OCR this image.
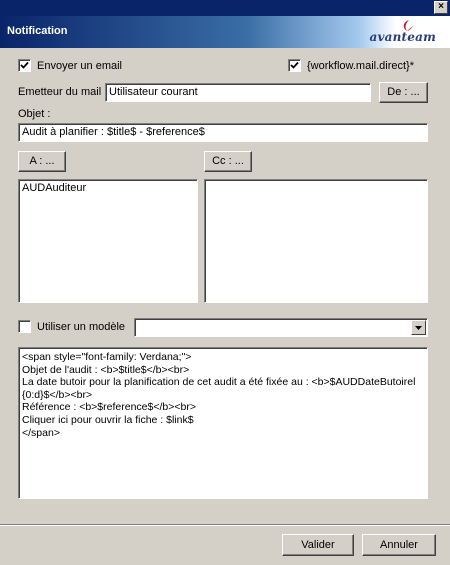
×
Notification	avanteam
Envoyer un email	{workflow.mail.direct}*
Emetteur du mail Utilisateur courant	De : ...
Objet :
Audit à planifier : $title$ - $reference$
A : ...	Cc : ...
AUDAuditeur
Utiliser un modèle
<span style="font-family: Verdana;">
Objet de l'audit : <b>$title$</b><br>
La date butoir pour la planification de cet audit a été fixée au : <b>$AUDDateButoirel
{0:d}$</b><br>
Référence : <b>$reference$</b><br>
Cliquer ici pour ouvrir la fiche : $link$
</span>
Valider	Annuler
